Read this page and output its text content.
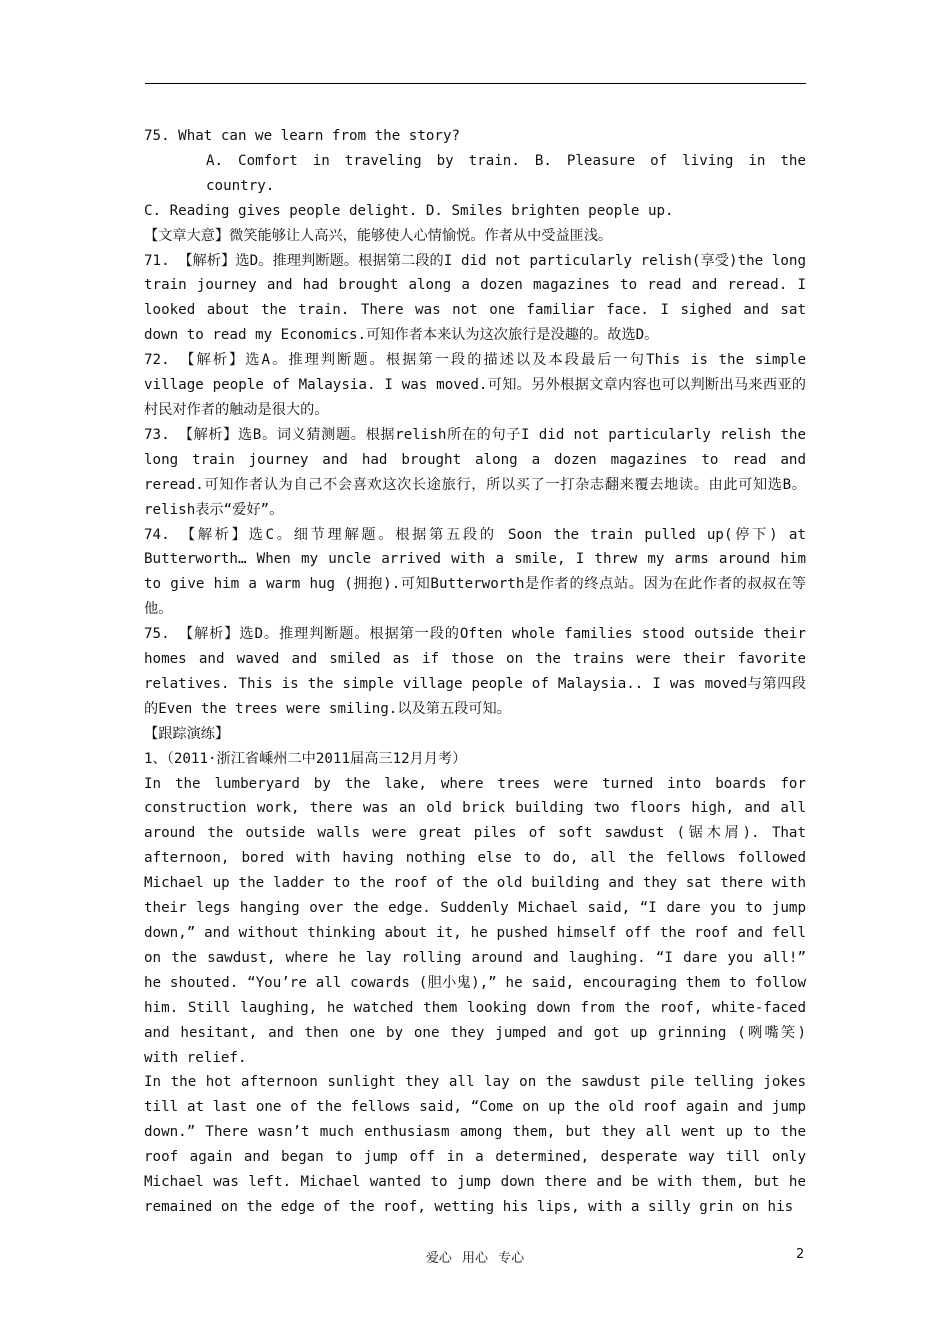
75. What can we learn from the story?

A. Comfort in traveling by train. B. Pleasure of living in the country.

C. Reading gives people delight. D. Smiles brighten people up.

【文章大意】微笑能够让人高兴，能够使人心情愉悦。作者从中受益匪浅。

71. 【解析】选D。推理判断题。根据第二段的I did not particularly relish(享受)the long train journey and had brought along a dozen magazines to read and reread. I looked about the train. There was not one familiar face. I sighed and sat down to read my Economics.可知作者本来认为这次旅行是没趣的。故选D。

72. 【解析】选A。推理判断题。根据第一段的描述以及本段最后一句This is the simple village people of Malaysia. I was moved.可知。另外根据文章内容也可以判断出马来西亚的村民对作者的触动是很大的。

73. 【解析】选B。词义猜测题。根据relish所在的句子I did not particularly relish the long train journey and had brought along a dozen magazines to read and reread.可知作者认为自己不会喜欢这次长途旅行，所以买了一打杂志翻来覆去地读。由此可知选B。relish表示“爱好”。

74. 【解析】选C。细节理解题。根据第五段的 Soon the train pulled up(停下) at Butterworth… When my uncle arrived with a smile, I threw my arms around him to give him a warm hug (拥抱).可知Butterworth是作者的终点站。因为在此作者的叔叔在等他。

75. 【解析】选D。推理判断题。根据第一段的Often whole families stood outside their homes and waved and smiled as if those on the trains were their favorite relatives. This is the simple village people of Malaysia.. I was moved与第四段的Even the trees were smiling.以及第五段可知。

【跟踪演练】

1、（2011·浙江省嵊州二中2011届高三12月月考）

In the lumberyard by the lake, where trees were turned into boards for construction work, there was an old brick building two floors high, and all around the outside walls were great piles of soft sawdust (锯木屑). That afternoon, bored with having nothing else to do, all the fellows followed Michael up the ladder to the roof of the old building and they sat there with their legs hanging over the edge. Suddenly Michael said, “I dare you to jump down,” and without thinking about it, he pushed himself off the roof and fell on the sawdust, where he lay rolling around and laughing. “I dare you all!” he shouted. “You’re all cowards (胆小鬼),” he said, encouraging them to follow him. Still laughing, he watched them looking down from the roof, white-faced and hesitant, and then one by one they jumped and got up grinning (咧嘴笑) with relief.

In the hot afternoon sunlight they all lay on the sawdust pile telling jokes till at last one of the fellows said, “Come on up the old roof again and jump down.” There wasn’t much enthusiasm among them, but they all went up to the roof again and began to jump off in a determined, desperate way till only Michael was left. Michael wanted to jump down there and be with them, but he remained on the edge of the roof, wetting his lips, with a silly grin on his

爱心 用心 专心	2
